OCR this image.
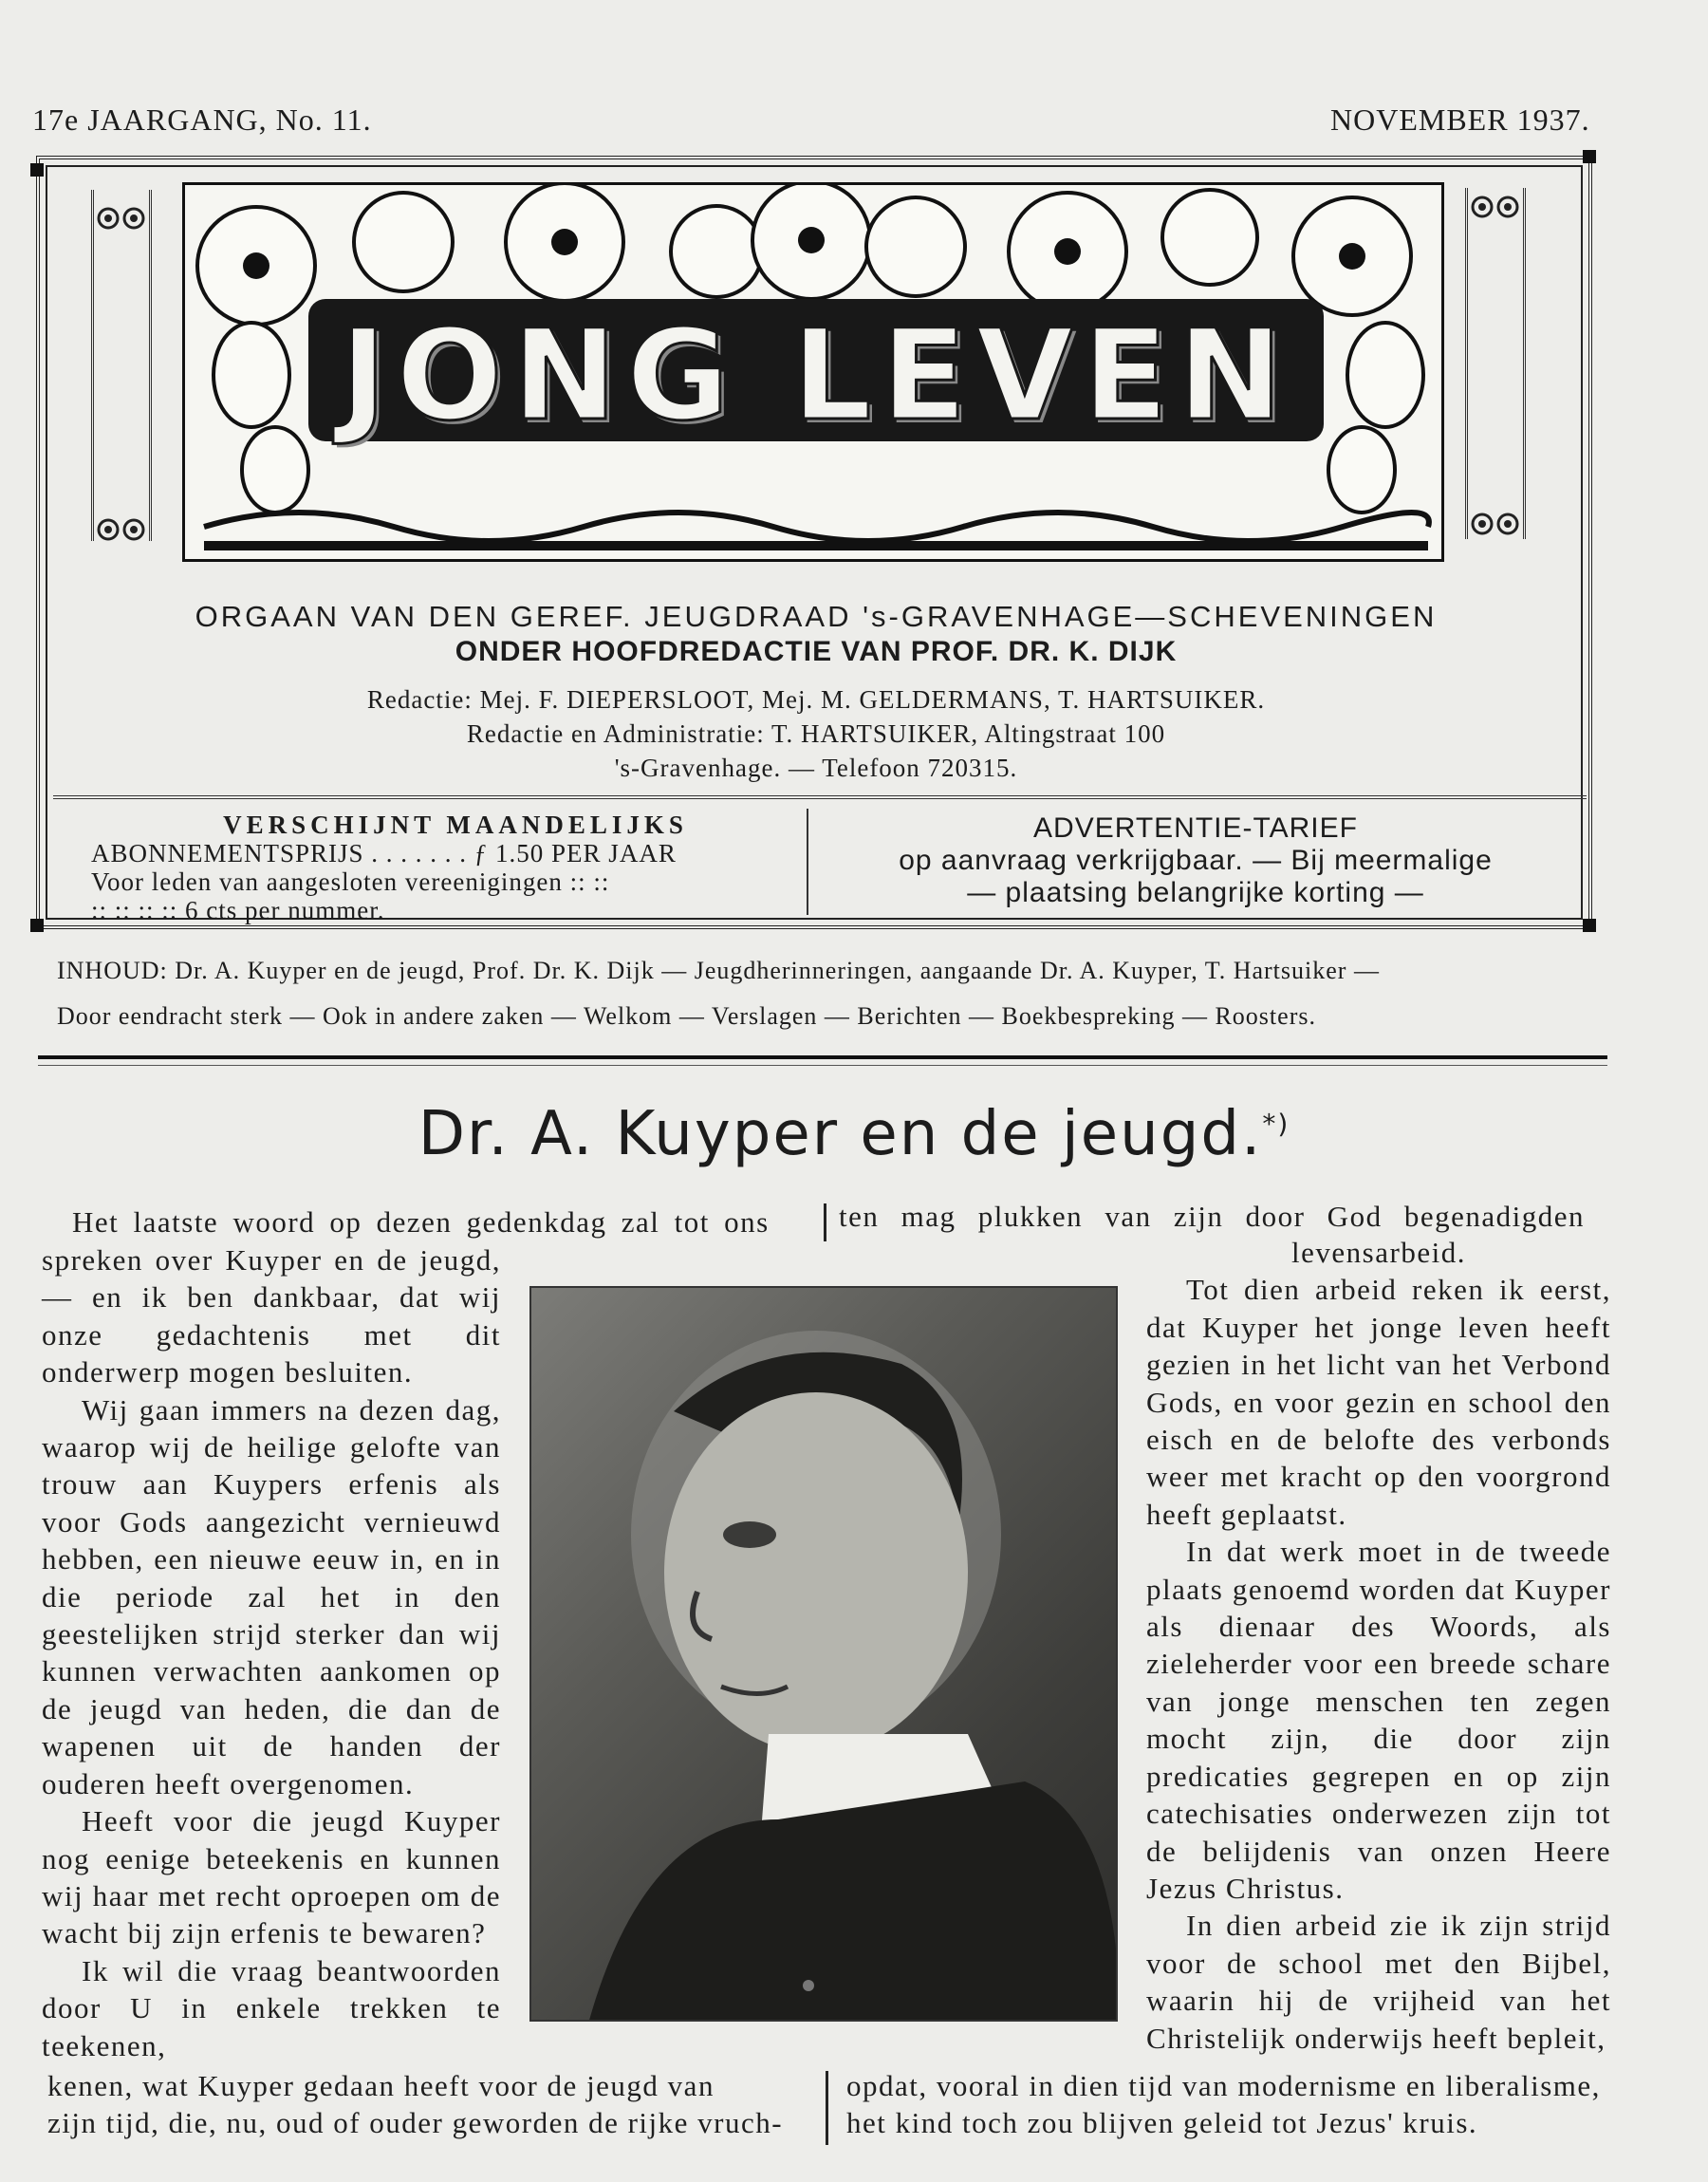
17e JAARGANG, No. 11.	NOVEMBER 1937.
JONG LEVEN
ORGAAN VAN DEN GEREF. JEUGDRAAD 's-GRAVENHAGE—SCHEVENINGEN
ONDER HOOFDREDACTIE VAN PROF. DR. K. DIJK
Redactie: Mej. F. DIEPERSLOOT, Mej. M. GELDERMANS, T. HARTSUIKER.
Redactie en Administratie: T. HARTSUIKER, Altingstraat 100
's-Gravenhage. — Telefoon 720315.
VERSCHIJNT MAANDELIJKS
ABONNEMENTSPRIJS . . . . . . . ƒ 1.50 PER JAAR
Voor leden van aangesloten vereenigingen :: ::
:: :: :: :: 6 cts per nummer.
ADVERTENTIE-TARIEF
op aanvraag verkrijgbaar. — Bij meermalige
— plaatsing belangrijke korting —
INHOUD: Dr. A. Kuyper en de jeugd, Prof. Dr. K. Dijk — Jeugdherinneringen, aangaande Dr. A. Kuyper, T. Hartsuiker —
Door eendracht sterk — Ook in andere zaken — Welkom — Verslagen — Berichten — Boekbespreking — Roosters.
Dr. A. Kuyper en de jeugd.*)

Het laatste woord op dezen gedenkdag zal tot ons	ten mag plukken van zijn door God begenadigden

spreken over Kuyper en de jeugd, — en ik ben dankbaar, dat wij onze gedachtenis met dit onderwerp mogen besluiten.

Wij gaan immers na dezen dag, waarop wij de heilige gelofte van trouw aan Kuypers erfenis als voor Gods aangezicht vernieuwd hebben, een nieuwe eeuw in, en in die periode zal het in den geestelijken strijd sterker dan wij kunnen verwachten aankomen op de jeugd van heden, die dan de wapenen uit de handen der ouderen heeft overgenomen.

Heeft voor die jeugd Kuyper nog eenige beteekenis en kunnen wij haar met recht oproepen om de wacht bij zijn erfenis te bewaren?

Ik wil die vraag beantwoorden door U in enkele trekken te teekenen,

levensarbeid.

Tot dien arbeid reken ik eerst, dat Kuyper het jonge leven heeft gezien in het licht van het Verbond Gods, en voor gezin en school den eisch en de belofte des verbonds weer met kracht op den voorgrond heeft geplaatst.

In dat werk moet in de tweede plaats genoemd worden dat Kuyper als dienaar des Woords, als zieleherder voor een breede schare van jonge menschen ten zegen mocht zijn, die door zijn predicaties gegrepen en op zijn catechisaties onderwezen zijn tot de belijdenis van onzen Heere Jezus Christus.

In dien arbeid zie ik zijn strijd voor de school met den Bijbel, waarin hij de vrijheid van het Christelijk onderwijs heeft bepleit,

kenen, wat Kuyper gedaan heeft voor de jeugd van

zijn tijd, die, nu, oud of ouder geworden de rijke vruch-

opdat, vooral in dien tijd van modernisme en liberalisme,

het kind toch zou blijven geleid tot Jezus' kruis.
